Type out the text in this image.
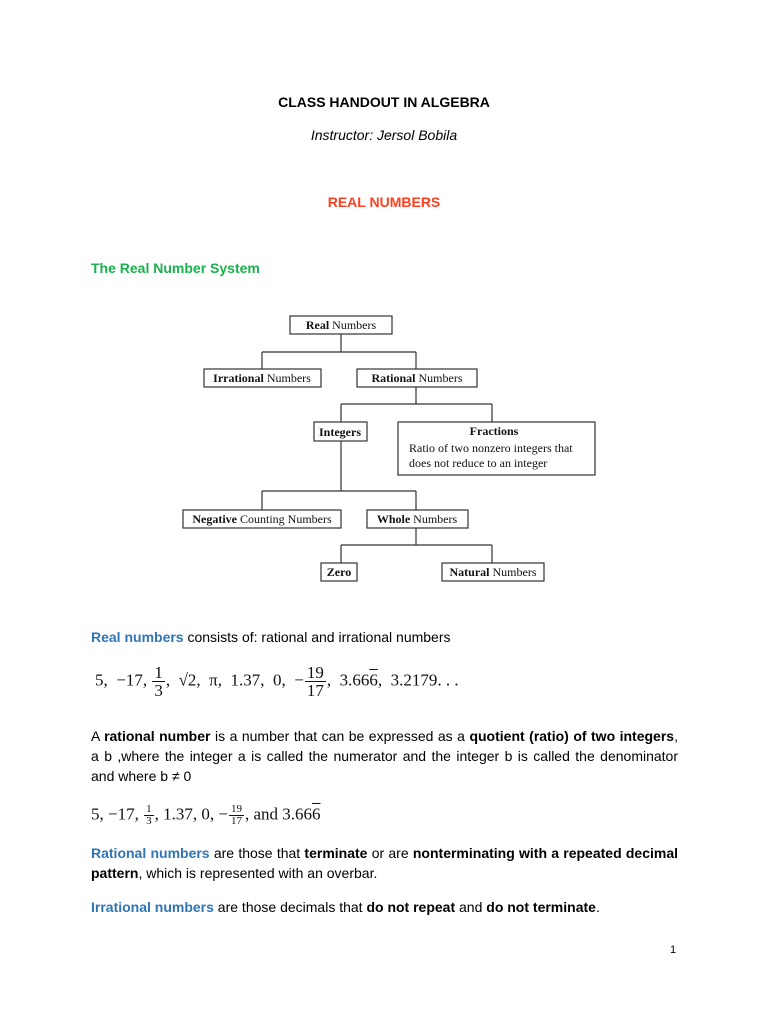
CLASS HANDOUT IN ALGEBRA
Instructor: Jersol Bobila
REAL NUMBERS
The Real Number System
Real Numbers
Irrational Numbers	Rational Numbers
Integers	Fractions
Ratio of two nonzero integers that
does not reduce to an integer
Negative Counting Numbers	Whole Numbers
Zero	Natural Numbers
Real numbers consists of: rational and irrational numbers
5,  −17, $\frac{1}{3}$ ,  √2,  π,  1.37,  0,  − $\frac{19}{17}$ ,  3.666,  3.2179. . .
A rational number is a number that can be expressed as a quotient (ratio) of two integers, a b ,where the integer a is called the numerator and the integer b is called the denominator and where b ≠ 0
5, −17, $\frac{1}{3}$ , 1.37, 0, − $\frac{19}{17}$ , and 3.666
Rational numbers are those that terminate or are nonterminating with a repeated decimal pattern, which is represented with an overbar.
Irrational numbers are those decimals that do not repeat and do not terminate.
1
